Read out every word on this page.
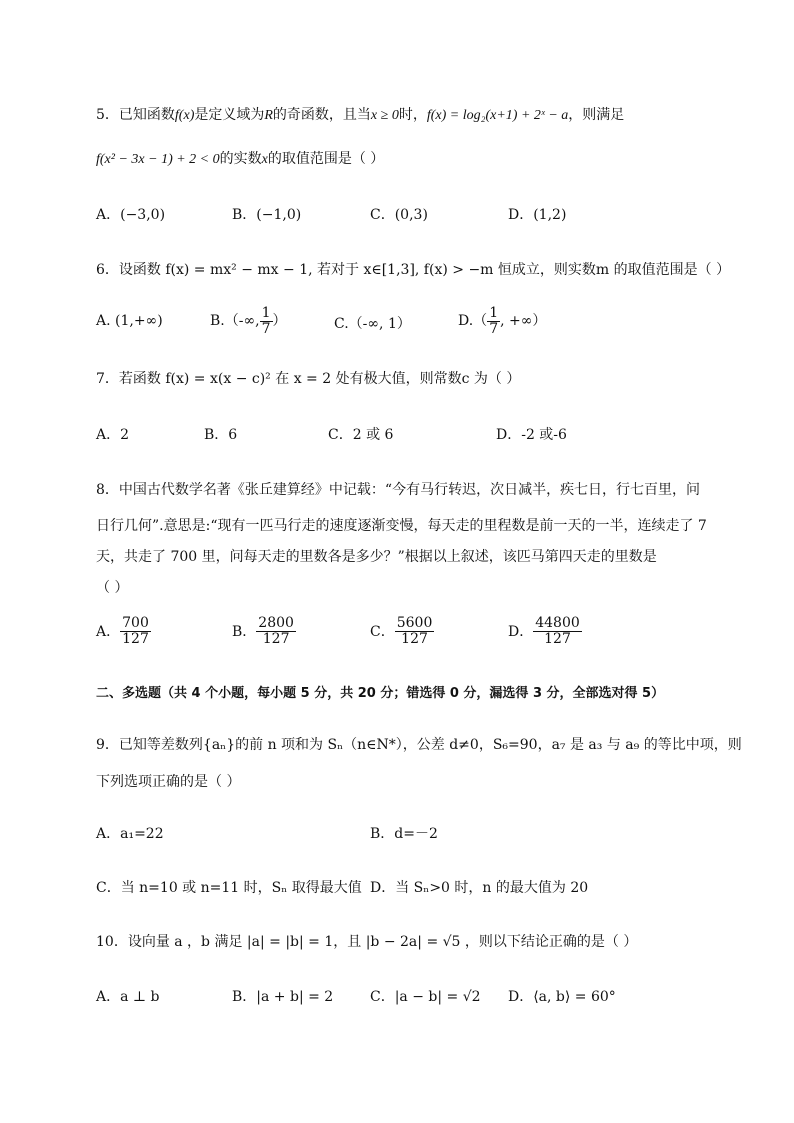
5．已知函数f(x)是定义域为R的奇函数，且当x ≥ 0时，f(x) = log₂(x+1) + 2ˣ − a，则满足
f(x² − 3x − 1) + 2 < 0的实数x的取值范围是（ ）
A．(−3,0)	B．(−1,0)	C．(0,3)	D．(1,2)
6．设函数 f(x) = mx² − mx − 1, 若对于 x∈[1,3], f(x) > −m 恒成立，则实数m 的取值范围是（ ）
A. (1,+∞)	B.（-∞, $\frac{1}{7}$ ）	C.（-∞, 1）	$D.( \frac{1}{7}$ , +∞）
7．若函数 f(x) = x(x − c)² 在 x = 2 处有极大值，则常数c 为（ ）
A．2	B．6	C．2 或 6	D．-2 或-6
8．中国古代数学名著《张丘建算经》中记载：“今有马行转迟，次日减半，疾七日，行七百里，问
日行几何”.意思是:“现有一匹马行走的速度逐渐变慢，每天走的里程数是前一天的一半，连续走了 7
天，共走了 700 里，问每天走的里数各是多少？”根据以上叙述，该匹马第四天走的里数是
（ ）
A． $\frac{700}{127}$	B． $\frac{2800}{127}$	C． $\frac{5600}{127}$	D． $\frac{44800}{127}$
二、多选题（共 4 个小题，每小题 5 分，共 20 分；错选得 0 分，漏选得 3 分，全部选对得 5）
9．已知等差数列{aₙ}的前 n 项和为 Sₙ（n∈N*），公差 d≠0，S₆=90，a₇ 是 a₃ 与 a₉ 的等比中项，则
下列选项正确的是（ ）
A．a₁=22	B．d=－2
C．当 n=10 或 n=11 时，Sₙ 取得最大值 D．当 Sₙ>0 时，n 的最大值为 20
10．设向量 a ，b 满足 |a| = |b| = 1，且 |b − 2a| = √5 ，则以下结论正确的是（ ）
A．a ⊥ b	B．|a + b| = 2	C．|a − b| = √2 D．⟨a, b⟩ = 60°
